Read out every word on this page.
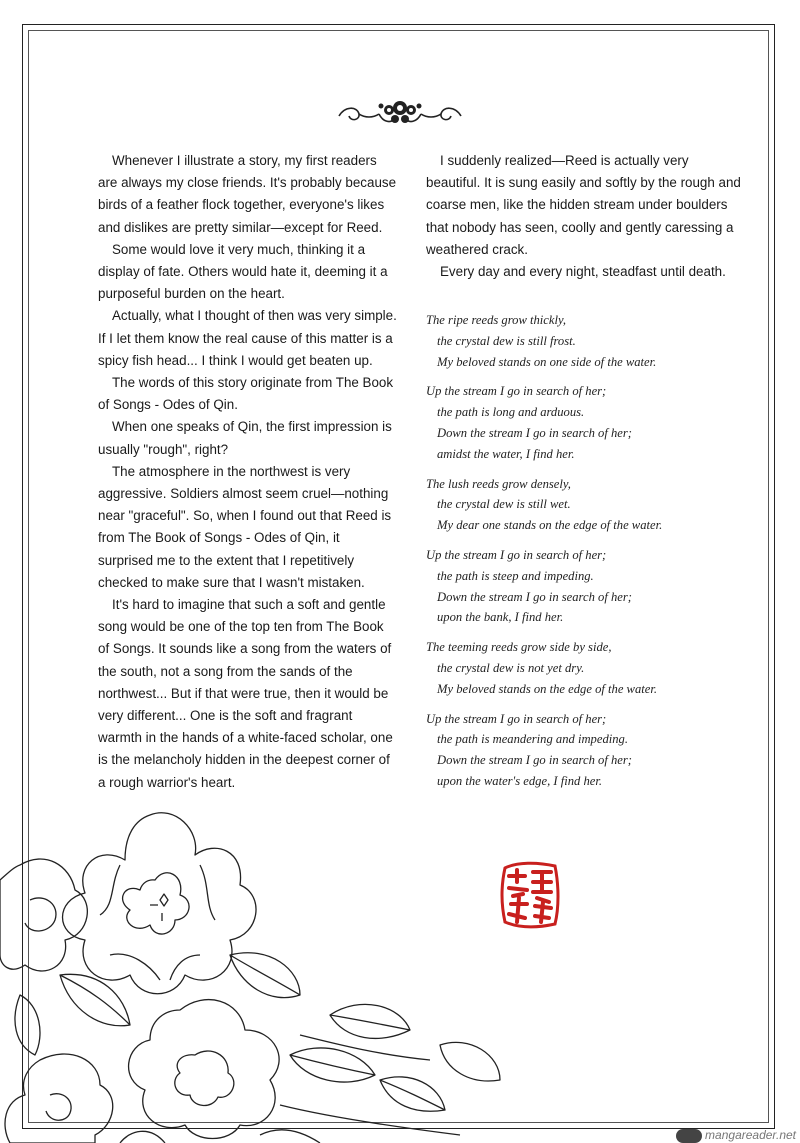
Whenever I illustrate a story, my first readers are always my close friends. It's probably because birds of a feather flock together, everyone's likes and dislikes are pretty similar—except for Reed.

Some would love it very much, thinking it a display of fate. Others would hate it, deeming it a purposeful burden on the heart.

Actually, what I thought of then was very simple. If I let them know the real cause of this matter is a spicy fish head... I think I would get beaten up.

The words of this story originate from The Book of Songs - Odes of Qin.

When one speaks of Qin, the first impression is usually "rough", right?

The atmosphere in the northwest is very aggressive. Soldiers almost seem cruel—nothing near "graceful". So, when I found out that Reed is from The Book of Songs - Odes of Qin, it surprised me to the extent that I repetitively checked to make sure that I wasn't mistaken.

It's hard to imagine that such a soft and gentle song would be one of the top ten from The Book of Songs. It sounds like a song from the waters of the south, not a song from the sands of the northwest... But if that were true, then it would be very different... One is the soft and fragrant warmth in the hands of a white-faced scholar, one is the melancholy hidden in the deepest corner of a rough warrior's heart.

I suddenly realized—Reed is actually very beautiful. It is sung easily and softly by the rough and coarse men, like the hidden stream under boulders that nobody has seen, coolly and gently caressing a weathered crack.

Every day and every night, steadfast until death.

The ripe reeds grow thickly,
the crystal dew is still frost.
My beloved stands on one side of the water.
Up the stream I go in search of her;
the path is long and arduous.
Down the stream I go in search of her;
amidst the water, I find her.
The lush reeds grow densely,
the crystal dew is still wet.
My dear one stands on the edge of the water.
Up the stream I go in search of her;
the path is steep and impeding.
Down the stream I go in search of her;
upon the bank, I find her.
The teeming reeds grow side by side,
the crystal dew is not yet dry.
My beloved stands on the edge of the water.
Up the stream I go in search of her;
the path is meandering and impeding.
Down the stream I go in search of her;
upon the water's edge, I find her.
mangareader.net
